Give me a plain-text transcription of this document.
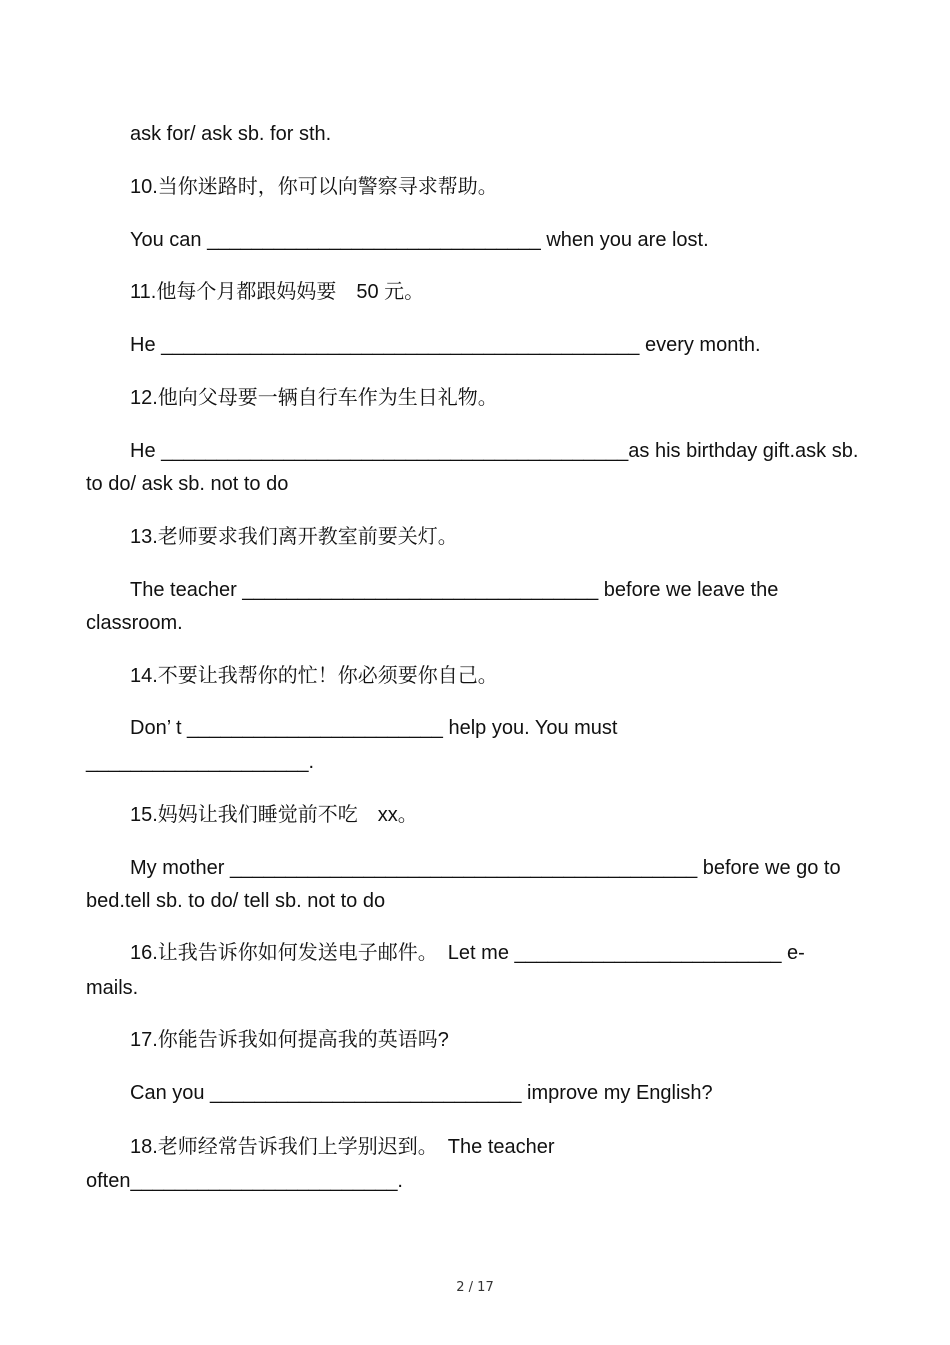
ask for/ ask sb. for sth.
10.当你迷路时，你可以向警察寻求帮助。
You can ______________________________ when you are lost.
11.他每个月都跟妈妈要　50 元。
He ___________________________________________ every month.
12.他向父母要一辆自行车作为生日礼物。
He __________________________________________as his birthday gift.ask sb.
to do/ ask sb. not to do
13.老师要求我们离开教室前要关灯。
The teacher ________________________________ before we leave the
classroom.
14.不要让我帮你的忙！你必须要你自己。
Don’ t _______________________ help you. You must
____________________.
15.妈妈让我们睡觉前不吃　xx。
My mother __________________________________________ before we go to
bed.tell sb. to do/ tell sb. not to do
16.让我告诉你如何发送电子邮件。　Let me ________________________ e-
mails.
17.你能告诉我如何提高我的英语吗?
Can you ____________________________ improve my English?
18.老师经常告诉我们上学别迟到。　The teacher
often________________________.
2 / 17
